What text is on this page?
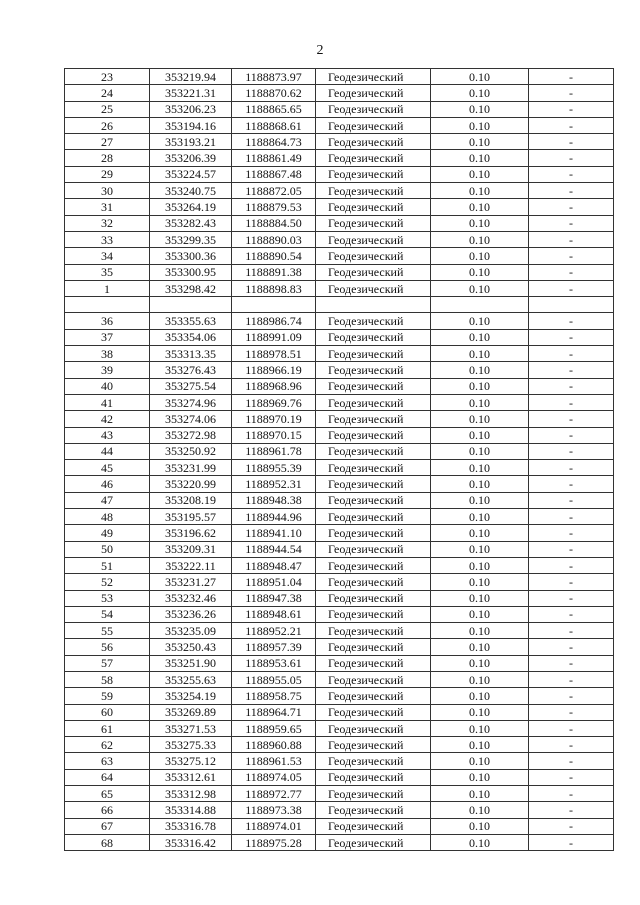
2
23	353219.94	1188873.97	Геодезический	0.10	-
24	353221.31	1188870.62	Геодезический	0.10	-
25	353206.23	1188865.65	Геодезический	0.10	-
26	353194.16	1188868.61	Геодезический	0.10	-
27	353193.21	1188864.73	Геодезический	0.10	-
28	353206.39	1188861.49	Геодезический	0.10	-
29	353224.57	1188867.48	Геодезический	0.10	-
30	353240.75	1188872.05	Геодезический	0.10	-
31	353264.19	1188879.53	Геодезический	0.10	-
32	353282.43	1188884.50	Геодезический	0.10	-
33	353299.35	1188890.03	Геодезический	0.10	-
34	353300.36	1188890.54	Геодезический	0.10	-
35	353300.95	1188891.38	Геодезический	0.10	-
1	353298.42	1188898.83	Геодезический	0.10	-

36	353355.63	1188986.74	Геодезический	0.10	-
37	353354.06	1188991.09	Геодезический	0.10	-
38	353313.35	1188978.51	Геодезический	0.10	-
39	353276.43	1188966.19	Геодезический	0.10	-
40	353275.54	1188968.96	Геодезический	0.10	-
41	353274.96	1188969.76	Геодезический	0.10	-
42	353274.06	1188970.19	Геодезический	0.10	-
43	353272.98	1188970.15	Геодезический	0.10	-
44	353250.92	1188961.78	Геодезический	0.10	-
45	353231.99	1188955.39	Геодезический	0.10	-
46	353220.99	1188952.31	Геодезический	0.10	-
47	353208.19	1188948.38	Геодезический	0.10	-
48	353195.57	1188944.96	Геодезический	0.10	-
49	353196.62	1188941.10	Геодезический	0.10	-
50	353209.31	1188944.54	Геодезический	0.10	-
51	353222.11	1188948.47	Геодезический	0.10	-
52	353231.27	1188951.04	Геодезический	0.10	-
53	353232.46	1188947.38	Геодезический	0.10	-
54	353236.26	1188948.61	Геодезический	0.10	-
55	353235.09	1188952.21	Геодезический	0.10	-
56	353250.43	1188957.39	Геодезический	0.10	-
57	353251.90	1188953.61	Геодезический	0.10	-
58	353255.63	1188955.05	Геодезический	0.10	-
59	353254.19	1188958.75	Геодезический	0.10	-
60	353269.89	1188964.71	Геодезический	0.10	-
61	353271.53	1188959.65	Геодезический	0.10	-
62	353275.33	1188960.88	Геодезический	0.10	-
63	353275.12	1188961.53	Геодезический	0.10	-
64	353312.61	1188974.05	Геодезический	0.10	-
65	353312.98	1188972.77	Геодезический	0.10	-
66	353314.88	1188973.38	Геодезический	0.10	-
67	353316.78	1188974.01	Геодезический	0.10	-
68	353316.42	1188975.28	Геодезический	0.10	-
